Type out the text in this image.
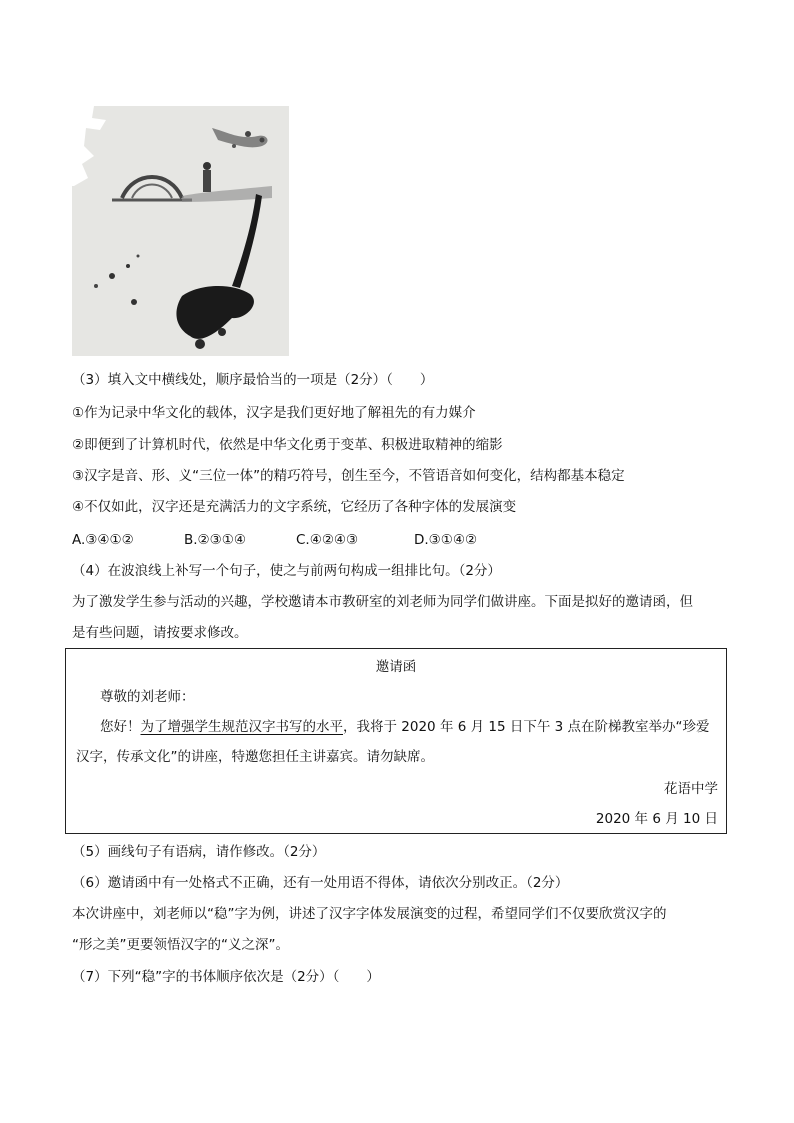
（3）填入文中横线处，顺序最恰当的一项是（2分）（　　）
①作为记录中华文化的载体，汉字是我们更好地了解祖先的有力媒介
②即便到了计算机时代，依然是中华文化勇于变革、积极进取精神的缩影
③汉字是音、形、义“三位一体”的精巧符号，创生至今，不管语音如何变化，结构都基本稳定
④不仅如此，汉字还是充满活力的文字系统，它经历了各种字体的发展演变
A.③④①②	B.②③①④	C.④②④③	D.③①④②
（4）在波浪线上补写一个句子，使之与前两句构成一组排比句。（2分）
为了激发学生参与活动的兴趣，学校邀请本市教研室的刘老师为同学们做讲座。下面是拟好的邀请函，但
是有些问题，请按要求修改。
邀请函
尊敬的刘老师：
您好！为了增强学生规范汉字书写的水平，我将于 2020 年 6 月 15 日下午 3 点在阶梯教室举办“珍爱
汉字，传承文化”的讲座，特邀您担任主讲嘉宾。请勿缺席。
花语中学
2020 年 6 月 10 日
（5）画线句子有语病，请作修改。（2分）
（6）邀请函中有一处格式不正确，还有一处用语不得体，请依次分别改正。（2分）
本次讲座中，刘老师以“稳”字为例，讲述了汉字字体发展演变的过程，希望同学们不仅要欣赏汉字的
“形之美”更要领悟汉字的“义之深”。
（7）下列“稳”字的书体顺序依次是（2分）（　　）
